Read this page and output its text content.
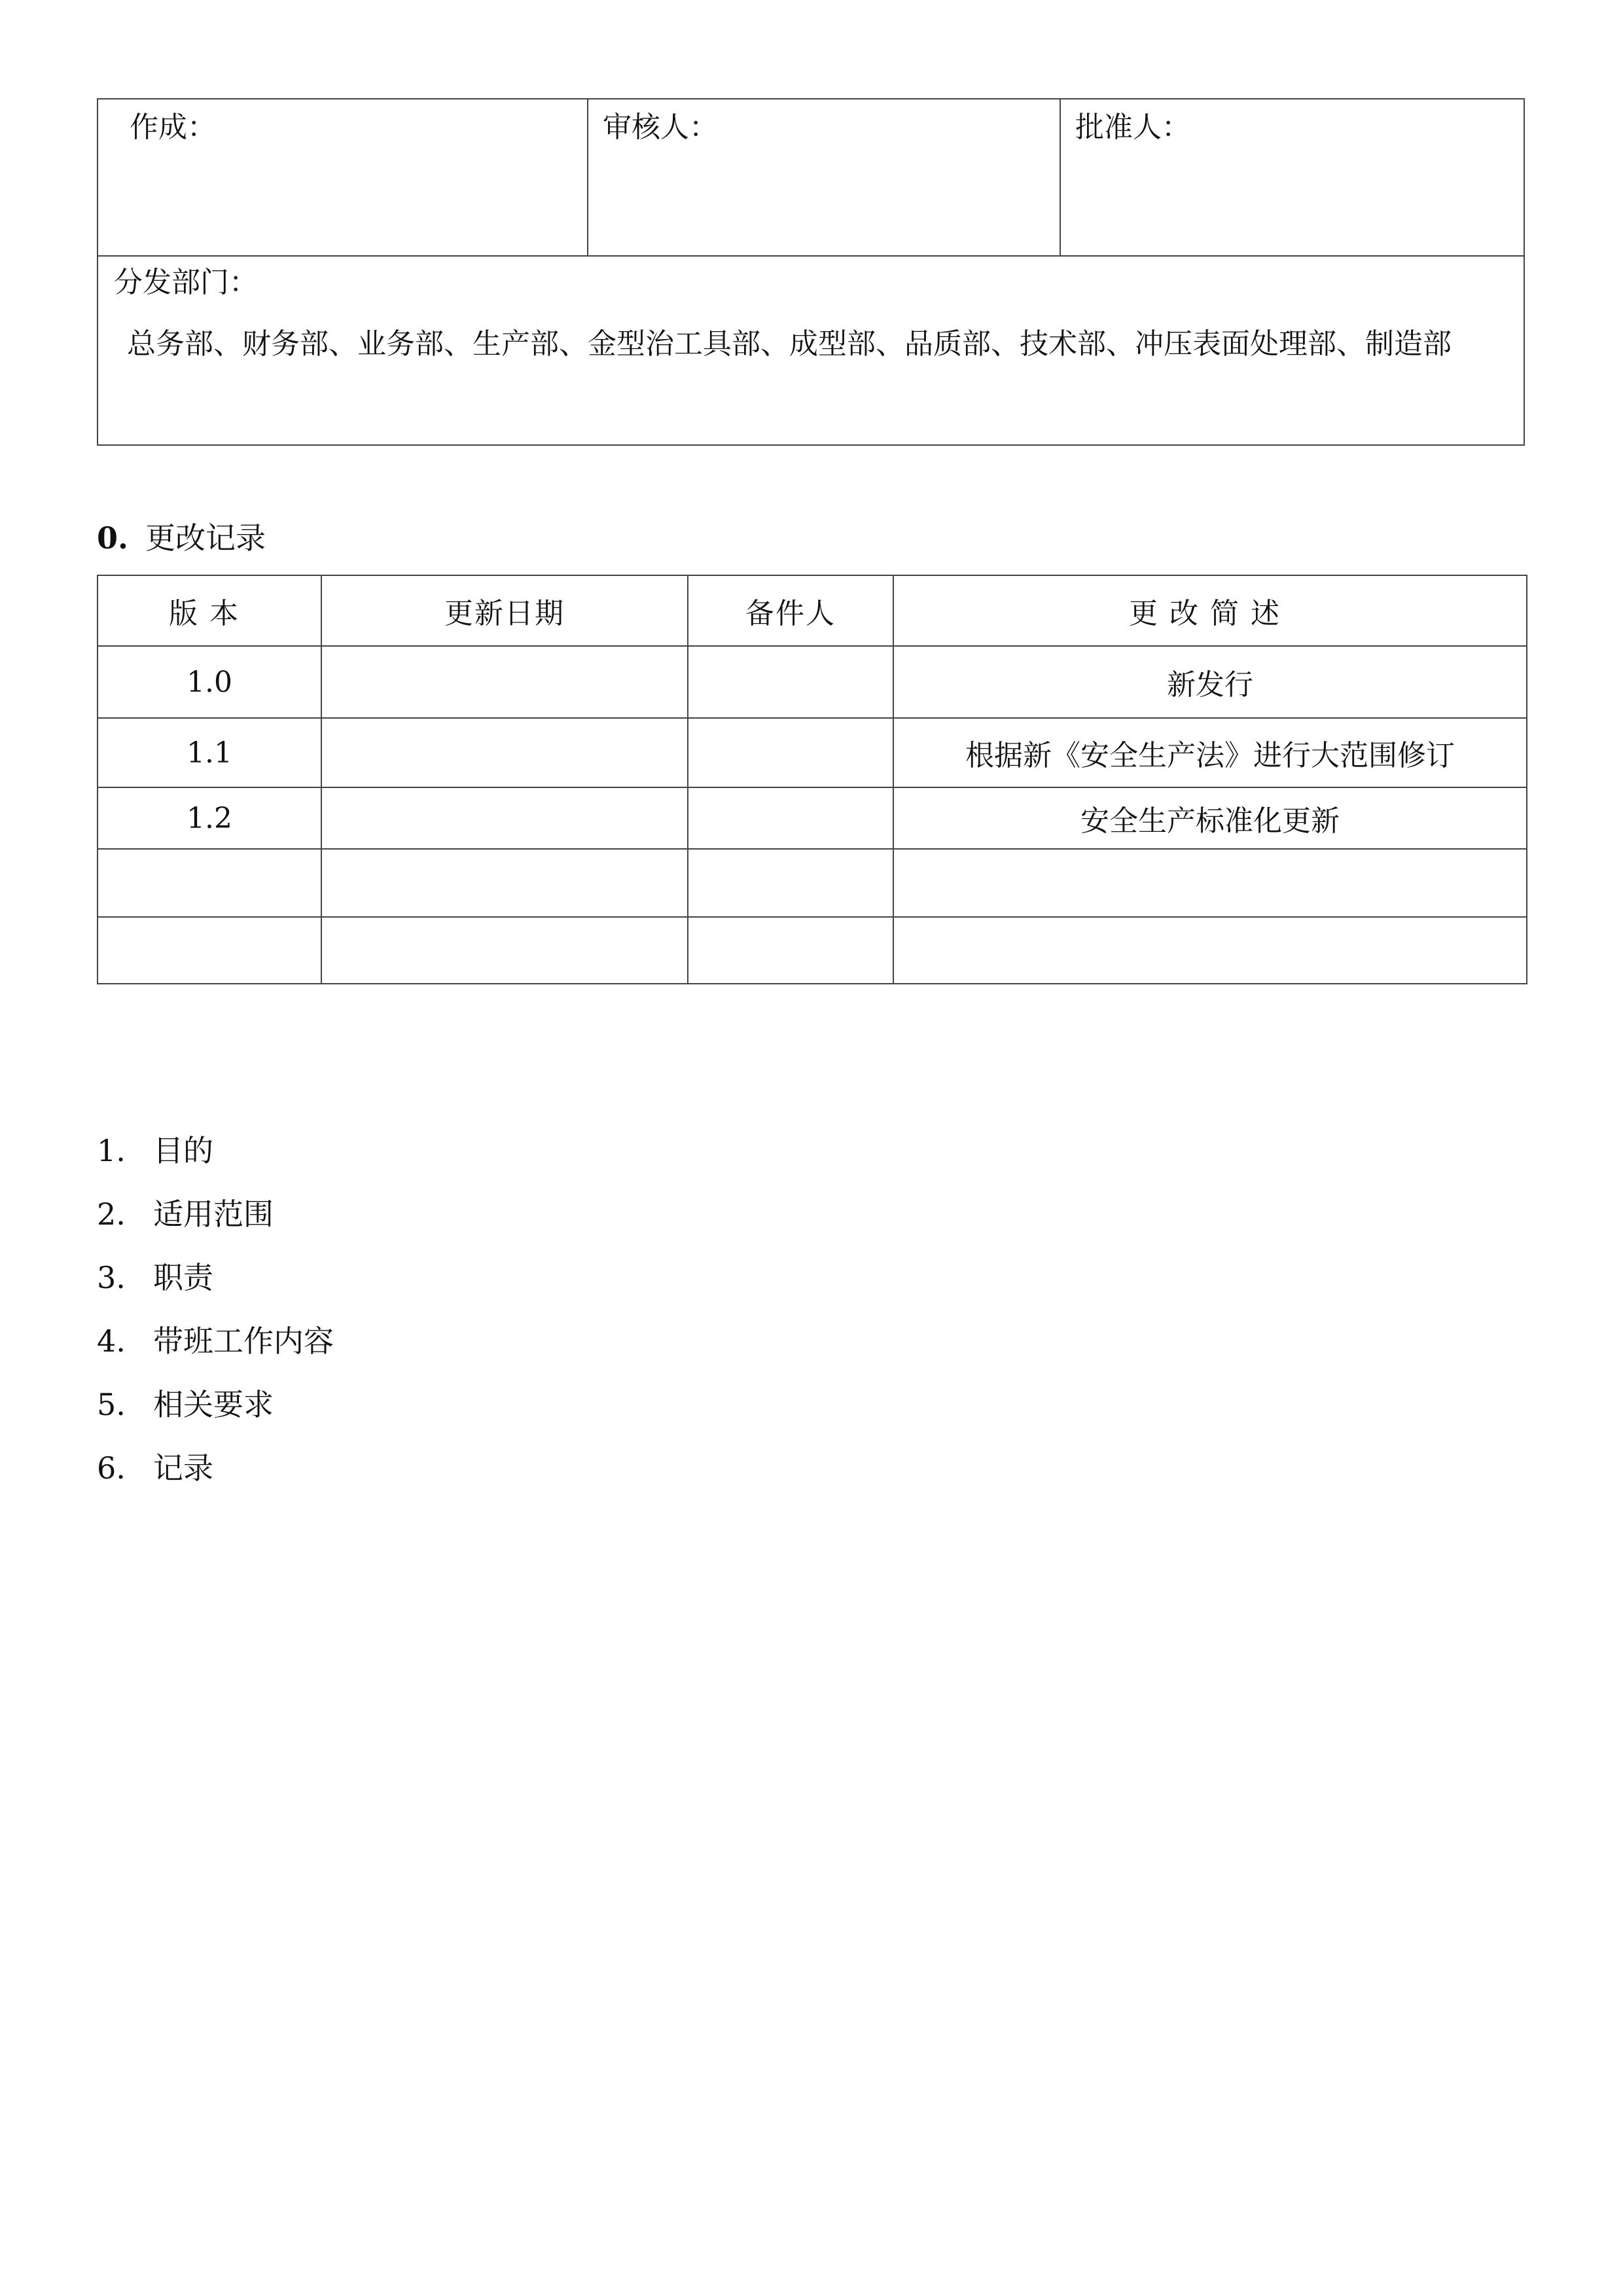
作成：	审核人：	批准人：

分发部门：
总务部、财务部、业务部、生产部、金型治工具部、成型部、品质部、技术部、冲压表面处理部、制造部
0. 更改记录
版本	更新日期	备件人	更改简述
1.0			新发行
1.1			根据新《安全生产法》进行大范围修订
1.2			安全生产标准化更新

1. 目的
2. 适用范围
3. 职责
4. 带班工作内容
5. 相关要求
6. 记录
